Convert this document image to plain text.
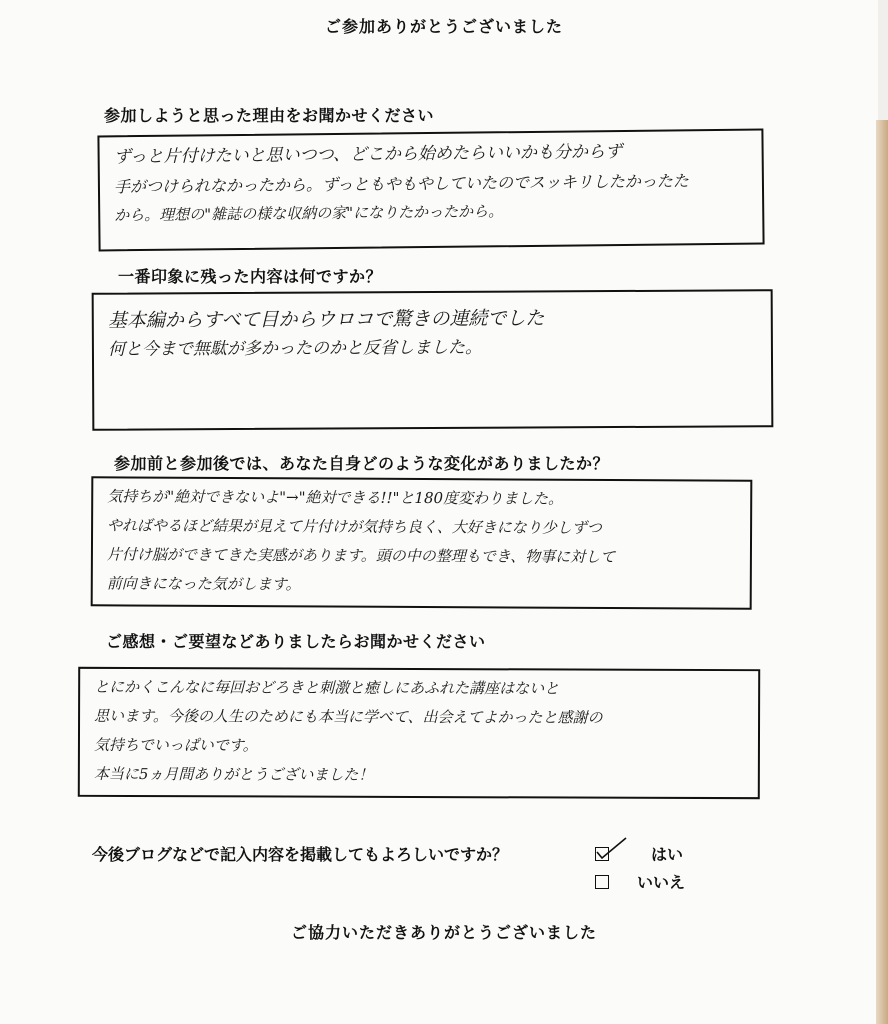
ご参加ありがとうございました
参加しようと思った理由をお聞かせください
ずっと片付けたいと思いつつ、どこから始めたらいいかも分からず
手がつけられなかったから。ずっともやもやしていたのでスッキリしたかったた
から。理想の"雑誌の様な収納の家"になりたかったから。
一番印象に残った内容は何ですか？
基本編からすべて目からウロコで驚きの連続でした
何と今まで無駄が多かったのかと反省しました。
参加前と参加後では、あなた自身どのような変化がありましたか？
気持ちが"絶対できないよ"→"絶対できる!!"と180度変わりました。
やればやるほど結果が見えて片付けが気持ち良く、大好きになり少しずつ
片付け脳ができてきた実感があります。頭の中の整理もでき、物事に対して
前向きになった気がします。
ご感想・ご要望などありましたらお聞かせください
とにかくこんなに毎回おどろきと刺激と癒しにあふれた講座はないと
思います。今後の人生のためにも本当に学べて、出会えてよかったと感謝の
気持ちでいっぱいです。
本当に5ヵ月間ありがとうございました！
今後ブログなどで記入内容を掲載してもよろしいですか？	はい
いいえ
ご協力いただきありがとうございました
